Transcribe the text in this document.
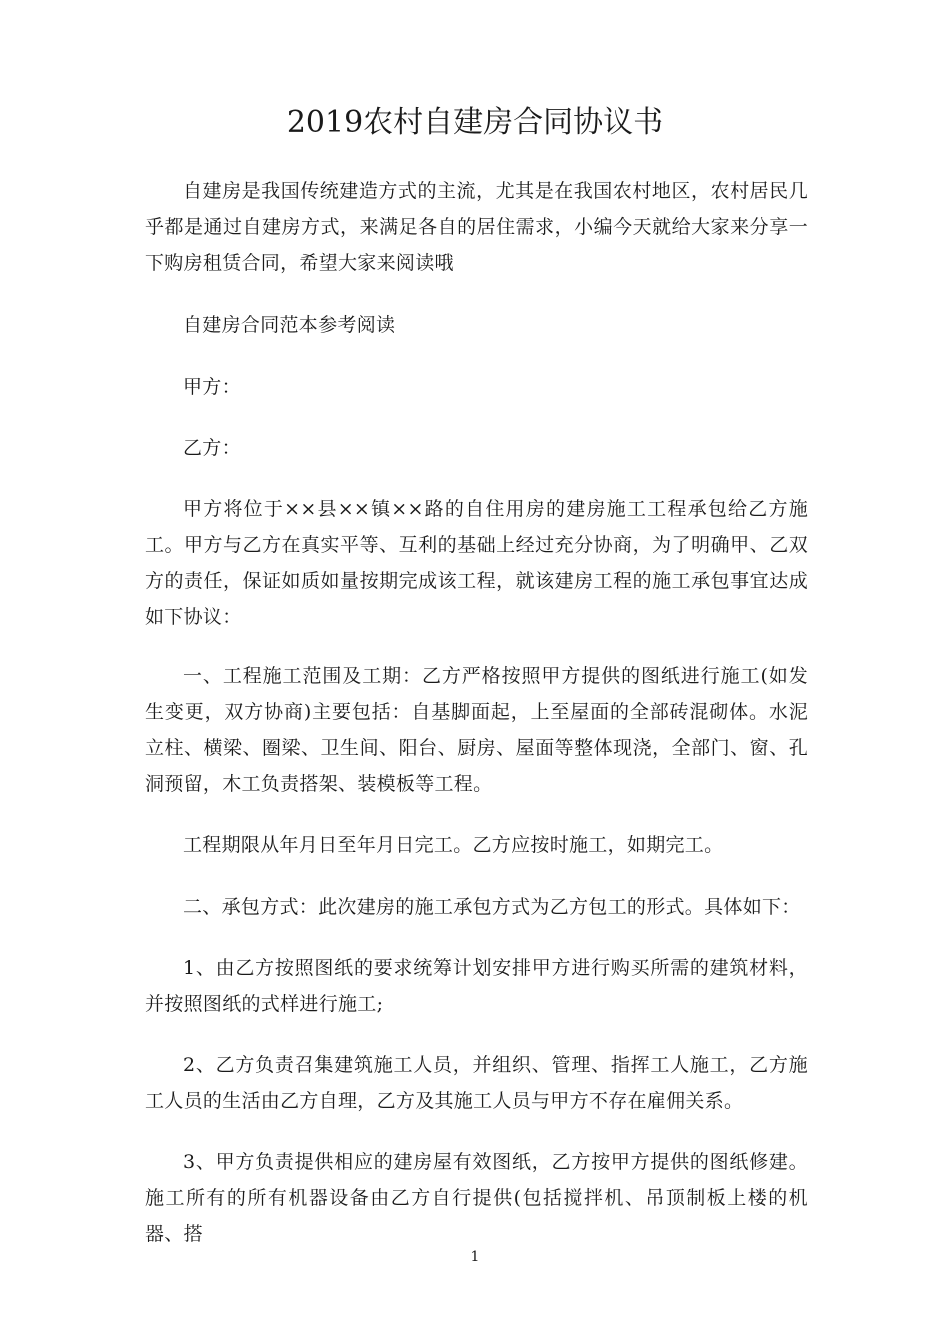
2019农村自建房合同协议书

自建房是我国传统建造方式的主流，尤其是在我国农村地区，农村居民几乎都是通过自建房方式，来满足各自的居住需求，小编今天就给大家来分享一下购房租赁合同，希望大家来阅读哦

自建房合同范本参考阅读

甲方：

乙方：

甲方将位于××县××镇××路的自住用房的建房施工工程承包给乙方施工。甲方与乙方在真实平等、互利的基础上经过充分协商，为了明确甲、乙双方的责任，保证如质如量按期完成该工程，就该建房工程的施工承包事宜达成如下协议：

一、工程施工范围及工期：乙方严格按照甲方提供的图纸进行施工(如发生变更，双方协商)主要包括：自基脚面起，上至屋面的全部砖混砌体。水泥立柱、横梁、圈梁、卫生间、阳台、厨房、屋面等整体现浇，全部门、窗、孔洞预留，木工负责搭架、装模板等工程。

工程期限从年月日至年月日完工。乙方应按时施工，如期完工。

二、承包方式：此次建房的施工承包方式为乙方包工的形式。具体如下：

1、由乙方按照图纸的要求统筹计划安排甲方进行购买所需的建筑材料，并按照图纸的式样进行施工;

2、乙方负责召集建筑施工人员，并组织、管理、指挥工人施工，乙方施工人员的生活由乙方自理，乙方及其施工人员与甲方不存在雇佣关系。

3、甲方负责提供相应的建房屋有效图纸，乙方按甲方提供的图纸修建。施工所有的所有机器设备由乙方自行提供(包括搅拌机、吊顶制板上楼的机器、搭

1
